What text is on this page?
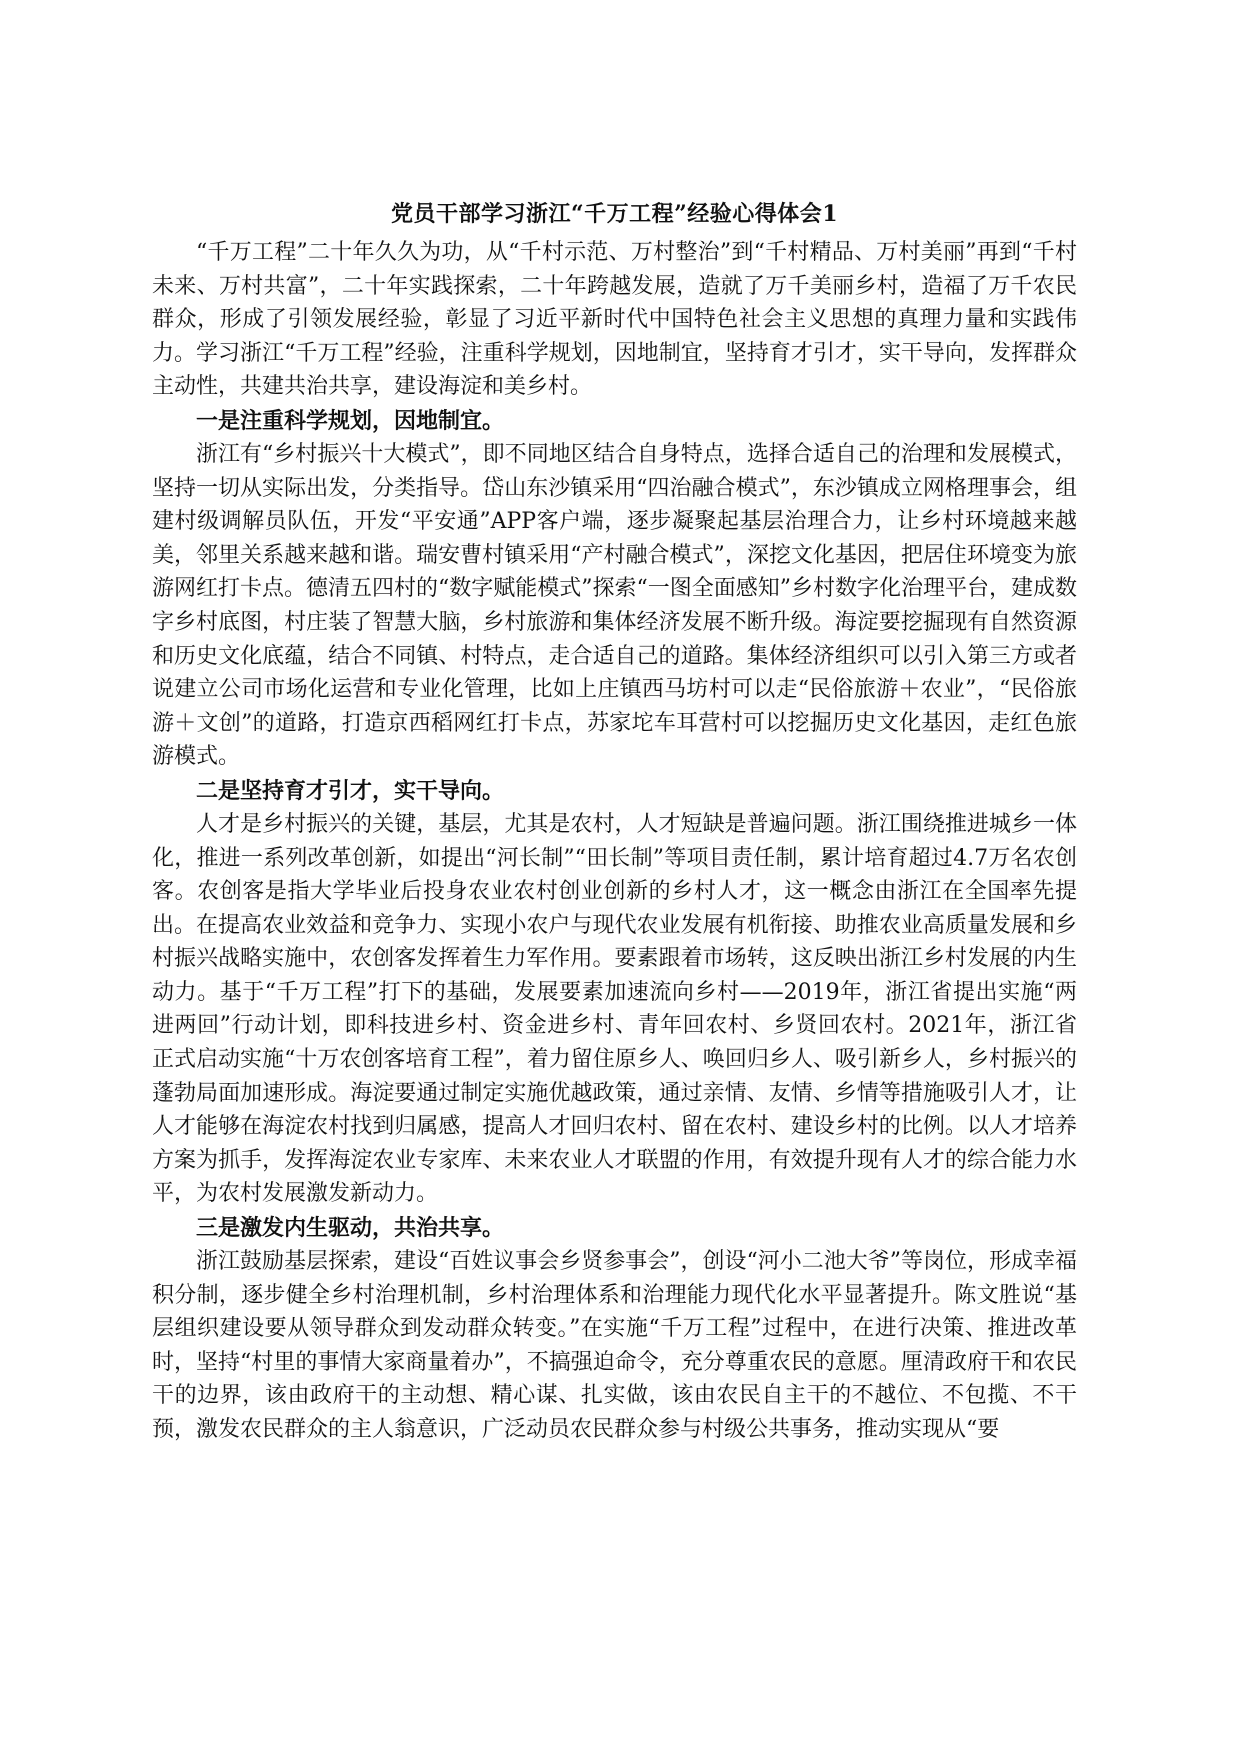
党员干部学习浙江“千万工程”经验心得体会1

“千万工程”二十年久久为功，从“千村示范、万村整治”到“千村精品、万村美丽”再到“千村未来、万村共富”，二十年实践探索，二十年跨越发展，造就了万千美丽乡村，造福了万千农民群众，形成了引领发展经验，彰显了习近平新时代中国特色社会主义思想的真理力量和实践伟力。学习浙江“千万工程”经验，注重科学规划，因地制宜，坚持育才引才，实干导向，发挥群众主动性，共建共治共享，建设海淀和美乡村。

一是注重科学规划，因地制宜。

浙江有“乡村振兴十大模式”，即不同地区结合自身特点，选择合适自己的治理和发展模式，坚持一切从实际出发，分类指导。岱山东沙镇采用“四治融合模式”，东沙镇成立网格理事会，组建村级调解员队伍，开发“平安通”APP客户端，逐步凝聚起基层治理合力，让乡村环境越来越美，邻里关系越来越和谐。瑞安曹村镇采用“产村融合模式”，深挖文化基因，把居住环境变为旅游网红打卡点。德清五四村的“数字赋能模式”探索“一图全面感知”乡村数字化治理平台，建成数字乡村底图，村庄装了智慧大脑，乡村旅游和集体经济发展不断升级。海淀要挖掘现有自然资源和历史文化底蕴，结合不同镇、村特点，走合适自己的道路。集体经济组织可以引入第三方或者说建立公司市场化运营和专业化管理，比如上庄镇西马坊村可以走“民俗旅游＋农业”，“民俗旅游＋文创”的道路，打造京西稻网红打卡点，苏家坨车耳营村可以挖掘历史文化基因，走红色旅游模式。

二是坚持育才引才，实干导向。

人才是乡村振兴的关键，基层，尤其是农村，人才短缺是普遍问题。浙江围绕推进城乡一体化，推进一系列改革创新，如提出“河长制”“田长制”等项目责任制，累计培育超过4.7万名农创客。农创客是指大学毕业后投身农业农村创业创新的乡村人才，这一概念由浙江在全国率先提出。在提高农业效益和竞争力、实现小农户与现代农业发展有机衔接、助推农业高质量发展和乡村振兴战略实施中，农创客发挥着生力军作用。要素跟着市场转，这反映出浙江乡村发展的内生动力。基于“千万工程”打下的基础，发展要素加速流向乡村——2019年，浙江省提出实施“两进两回”行动计划，即科技进乡村、资金进乡村、青年回农村、乡贤回农村。2021年，浙江省正式启动实施“十万农创客培育工程”，着力留住原乡人、唤回归乡人、吸引新乡人，乡村振兴的蓬勃局面加速形成。海淀要通过制定实施优越政策，通过亲情、友情、乡情等措施吸引人才，让人才能够在海淀农村找到归属感，提高人才回归农村、留在农村、建设乡村的比例。以人才培养方案为抓手，发挥海淀农业专家库、未来农业人才联盟的作用，有效提升现有人才的综合能力水平，为农村发展激发新动力。

三是激发内生驱动，共治共享。

浙江鼓励基层探索，建设“百姓议事会乡贤参事会”，创设“河小二池大爷”等岗位，形成幸福积分制，逐步健全乡村治理机制，乡村治理体系和治理能力现代化水平显著提升。陈文胜说“基层组织建设要从领导群众到发动群众转变。”在实施“千万工程”过程中，在进行决策、推进改革时，坚持“村里的事情大家商量着办”，不搞强迫命令，充分尊重农民的意愿。厘清政府干和农民干的边界，该由政府干的主动想、精心谋、扎实做，该由农民自主干的不越位、不包揽、不干预，激发农民群众的主人翁意识，广泛动员农民群众参与村级公共事务，推动实现从“要
